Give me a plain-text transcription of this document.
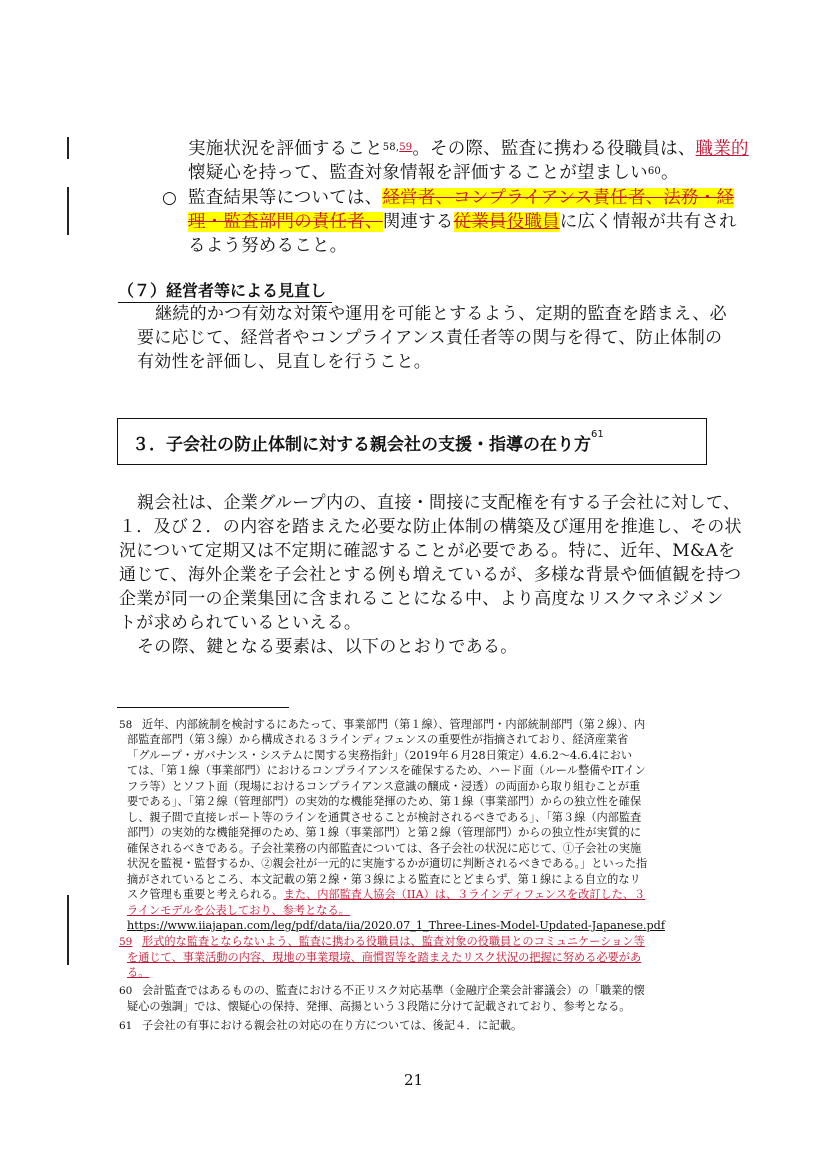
実施状況を評価すること$^{58,59}$。その際、監査に携わる役職員は、職業的
懐疑心を持って、監査対象情報を評価することが望ましい$^{60}$。
○ 監査結果等については、経営者、コンプライアンス責任者、法務・経
理・監査部門の責任者、関連する従業員役職員に広く情報が共有され
るよう努めること。
（７）経営者等による見直し
継続的かつ有効な対策や運用を可能とするよう、定期的監査を踏まえ、必
要に応じて、経営者やコンプライアンス責任者等の関与を得て、防止体制の
有効性を評価し、見直しを行うこと。
３．子会社の防止体制に対する親会社の支援・指導の在り方$^{61}$
親会社は、企業グループ内の、直接・間接に支配権を有する子会社に対して、
１．及び２．の内容を踏まえた必要な防止体制の構築及び運用を推進し、その状
況について定期又は不定期に確認することが必要である。特に、近年、M&Aを
通じて、海外企業を子会社とする例も増えているが、多様な背景や価値観を持つ
企業が同一の企業集団に含まれることになる中、より高度なリスクマネジメン
トが求められているといえる。
その際、鍵となる要素は、以下のとおりである。
58 近年、内部統制を検討するにあたって、事業部門（第１線）、管理部門・内部統制部門（第２線）、内
部監査部門（第３線）から構成される３ラインディフェンスの重要性が指摘されており、経済産業省
「グループ・ガバナンス・システムに関する実務指針」（2019年６月28日策定）4.6.2～4.6.4におい
ては、「第１線（事業部門）におけるコンプライアンスを確保するため、ハード面（ルール整備やITイン
フラ等）とソフト面（現場におけるコンプライアンス意識の醸成・浸透）の両面から取り組むことが重
要である」、「第２線（管理部門）の実効的な機能発揮のため、第１線（事業部門）からの独立性を確保
し、親子間で直接レポート等のラインを通貫させることが検討されるべきである」、「第３線（内部監査
部門）の実効的な機能発揮のため、第１線（事業部門）と第２線（管理部門）からの独立性が実質的に
確保されるべきである。子会社業務の内部監査については、各子会社の状況に応じて、①子会社の実施
状況を監視・監督するか、②親会社が一元的に実施するかが適切に判断されるべきである。」といった指
摘がされているところ、本文記載の第２線・第３線による監査にとどまらず、第１線による自立的なリ
スク管理も重要と考えられる。また、内部監査人協会（IIA）は、３ラインディフェンスを改訂した、３
ラインモデルを公表しており、参考となる。
https://www.iiajapan.com/leg/pdf/data/iia/2020.07_1_Three-Lines-Model-Updated-Japanese.pdf
59 形式的な監査とならないよう、監査に携わる役職員は、監査対象の役職員とのコミュニケーション等
を通じて、事業活動の内容、現地の事業環境、商慣習等を踏まえたリスク状況の把握に努める必要があ
る。
60 会計監査ではあるものの、監査における不正リスク対応基準（金融庁企業会計審議会）の「職業的懐
疑心の強調」では、懐疑心の保持、発揮、高揚という３段階に分けて記載されており、参考となる。
61 子会社の有事における親会社の対応の在り方については、後記４．に記載。
21
